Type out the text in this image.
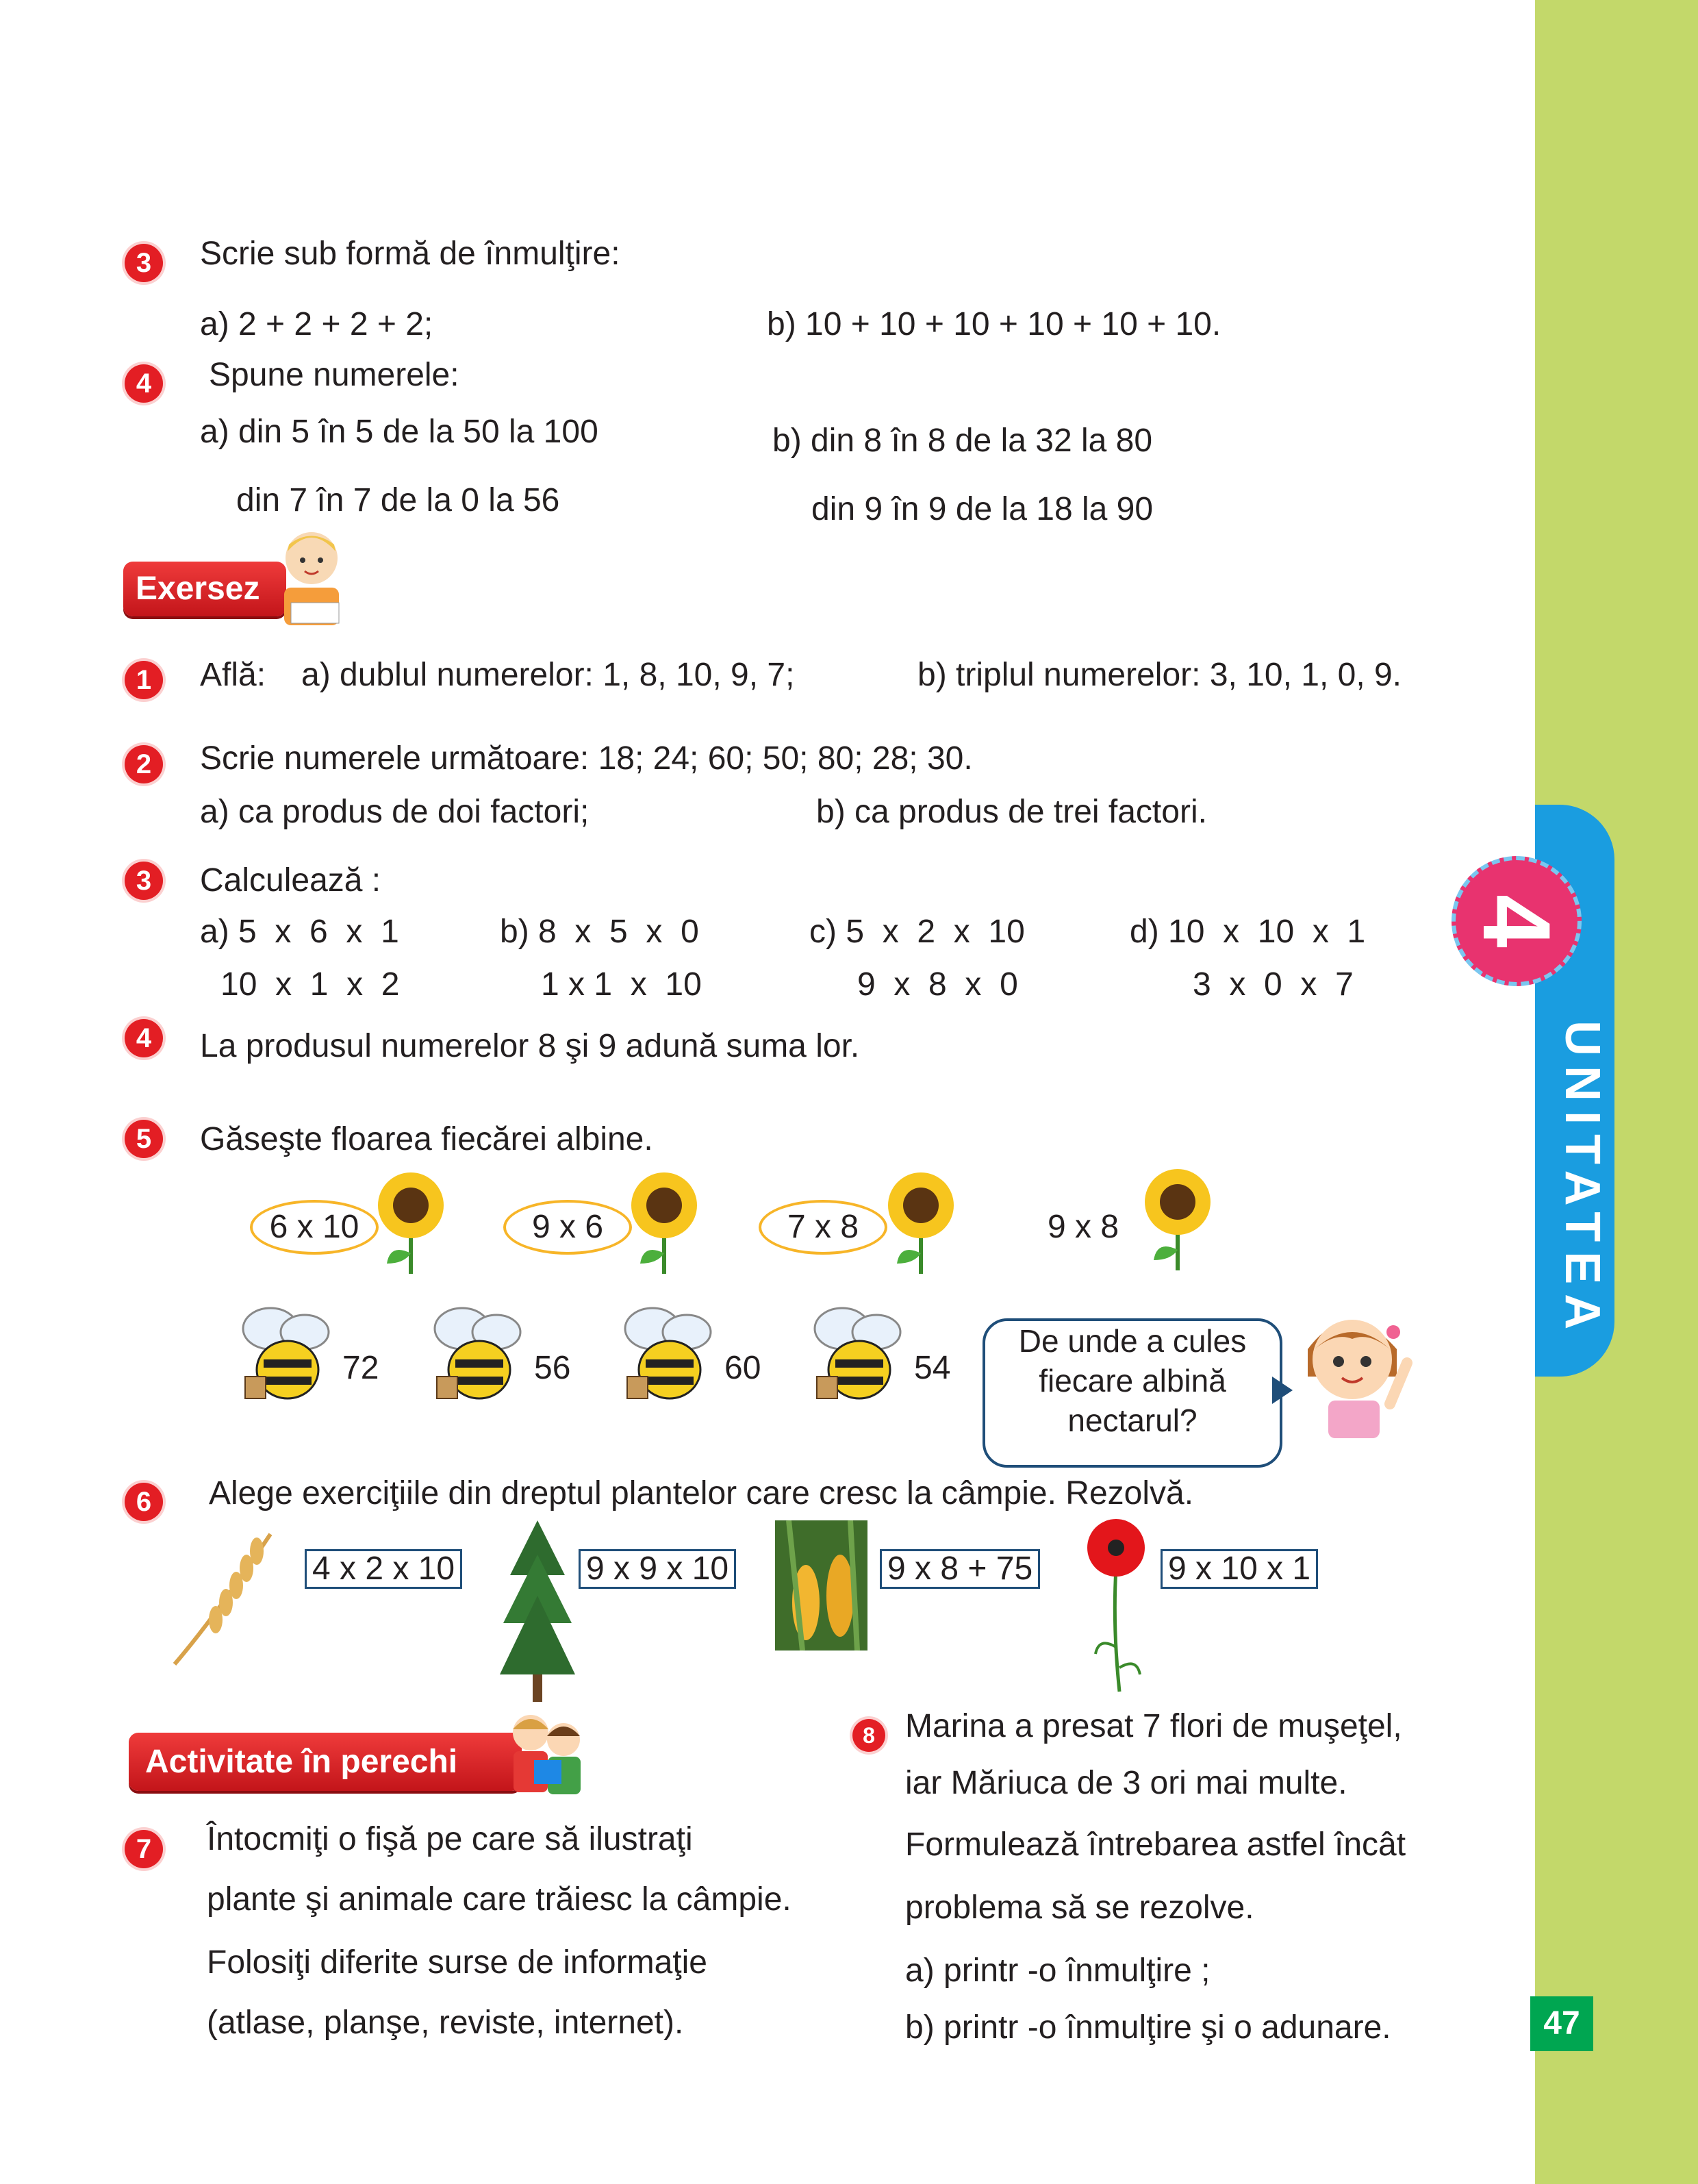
4
UNITATEA
47
3	Scrie sub formă de înmulţire:
a) 2 + 2 + 2 + 2;	b) 10 + 10 + 10 + 10 + 10 + 10.
4	Spune numerele:
a) din 5 în 5 de la 50 la 100
din 7 în 7 de la 0 la 56
b) din 8 în 8 de la 32 la 80
din 9 în 9 de la 18 la 90
Exersez
1	Află: a) dublul numerelor: 1, 8, 10, 9, 7;	b) triplul numerelor: 3, 10, 1, 0, 9.
2	Scrie numerele următoare: 18; 24; 60; 50; 80; 28; 30.
a) ca produs de doi factori;	b) ca produs de trei factori.
3	Calculează :
a) 5  x  6  x  1	b) 8  x  5  x  0	c) 5  x  2  x  10	d) 10  x  10  x  1
10  x  1  x  2	1 x 1  x  10	9  x  8  x  0	3  x  0  x  7
4	La produsul numerelor 8 şi 9 adună suma lor.
5	Găseşte floarea fiecărei albine.
6 x 10	9 x 6	7 x 8	9 x 8
72	56	60	54
De unde a cules
fiecare albină
nectarul?
6	Alege exerciţiile din dreptul plantelor care cresc la câmpie. Rezolvă.
4 x 2 x 10	9 x 9 x 10	9 x 8 + 75	9 x 10 x 1
Activitate în perechi
7	Întocmiţi o fişă pe care să ilustraţi
plante şi animale care trăiesc la câmpie.
Folosiţi diferite surse de informaţie
(atlase, planşe, reviste, internet).
8 Marina a presat 7 flori de muşeţel,
iar Măriuca de 3 ori mai multe.
Formulează întrebarea astfel încât
problema să se rezolve.
a) printr -o înmulţire ;
b) printr -o înmulţire şi o adunare.
